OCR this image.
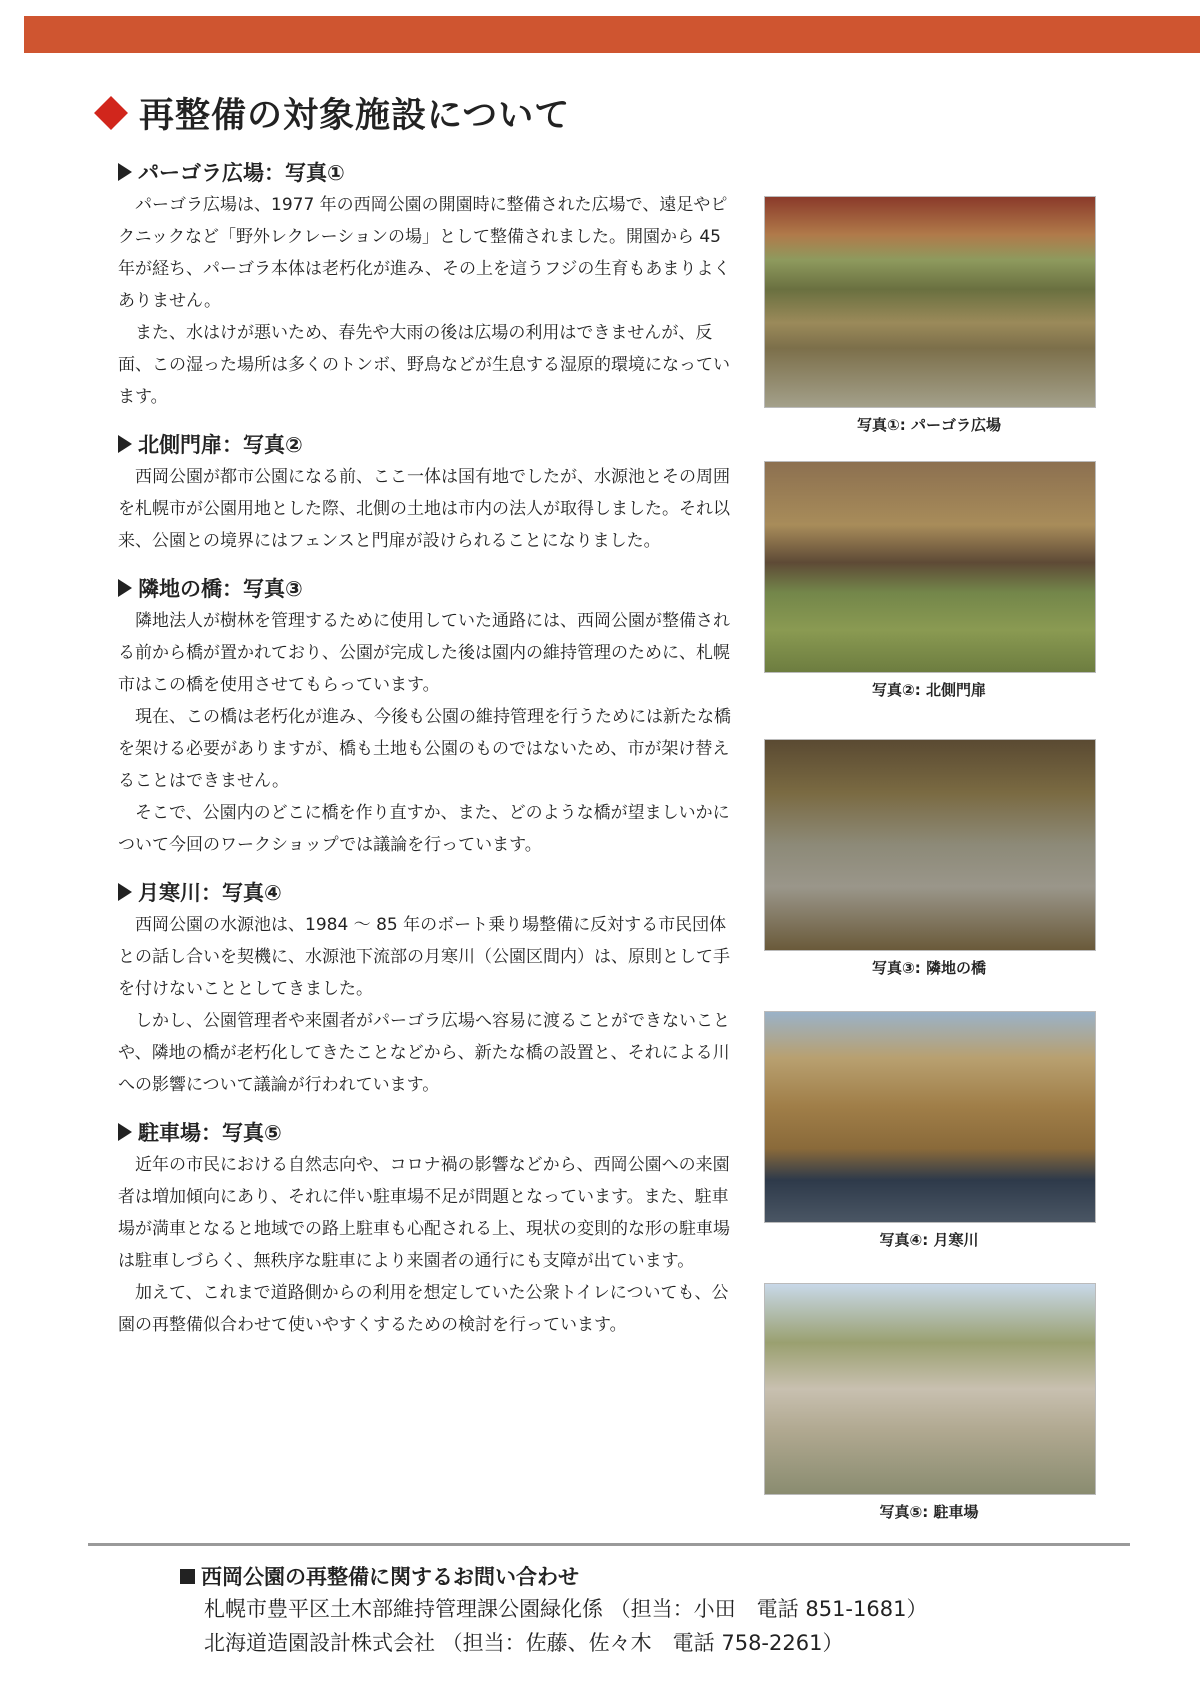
再整備の対象施設について
パーゴラ広場：写真①

パーゴラ広場は、1977 年の西岡公園の開園時に整備された広場で、遠足やピクニックなど「野外レクレーションの場」として整備されました。開園から 45 年が経ち、パーゴラ本体は老朽化が進み、その上を這うフジの生育もあまりよくありません。

また、水はけが悪いため、春先や大雨の後は広場の利用はできませんが、反面、この湿った場所は多くのトンボ、野鳥などが生息する湿原的環境になっています。

北側門扉：写真②

西岡公園が都市公園になる前、ここ一体は国有地でしたが、水源池とその周囲を札幌市が公園用地とした際、北側の土地は市内の法人が取得しました。それ以来、公園との境界にはフェンスと門扉が設けられることになりました。

隣地の橋：写真③

隣地法人が樹林を管理するために使用していた通路には、西岡公園が整備される前から橋が置かれており、公園が完成した後は園内の維持管理のために、札幌市はこの橋を使用させてもらっています。

現在、この橋は老朽化が進み、今後も公園の維持管理を行うためには新たな橋を架ける必要がありますが、橋も土地も公園のものではないため、市が架け替えることはできません。

そこで、公園内のどこに橋を作り直すか、また、どのような橋が望ましいかについて今回のワークショップでは議論を行っています。

月寒川：写真④

西岡公園の水源池は、1984 ～ 85 年のボート乗り場整備に反対する市民団体との話し合いを契機に、水源池下流部の月寒川（公園区間内）は、原則として手を付けないこととしてきました。

しかし、公園管理者や来園者がパーゴラ広場へ容易に渡ることができないことや、隣地の橋が老朽化してきたことなどから、新たな橋の設置と、それによる川への影響について議論が行われています。

駐車場：写真⑤

近年の市民における自然志向や、コロナ禍の影響などから、西岡公園への来園者は増加傾向にあり、それに伴い駐車場不足が問題となっています。また、駐車場が満車となると地域での路上駐車も心配される上、現状の変則的な形の駐車場は駐車しづらく、無秩序な駐車により来園者の通行にも支障が出ています。

加えて、これまで道路側からの利用を想定していた公衆トイレについても、公園の再整備似合わせて使いやすくするための検討を行っています。

写真①: パーゴラ広場
写真②: 北側門扉
写真③: 隣地の橋
写真④: 月寒川
写真⑤: 駐車場
西岡公園の再整備に関するお問い合わせ
札幌市豊平区土木部維持管理課公園緑化係 （担当：小田　電話 851-1681）
北海道造園設計株式会社 （担当：佐藤、佐々木　電話 758-2261）
